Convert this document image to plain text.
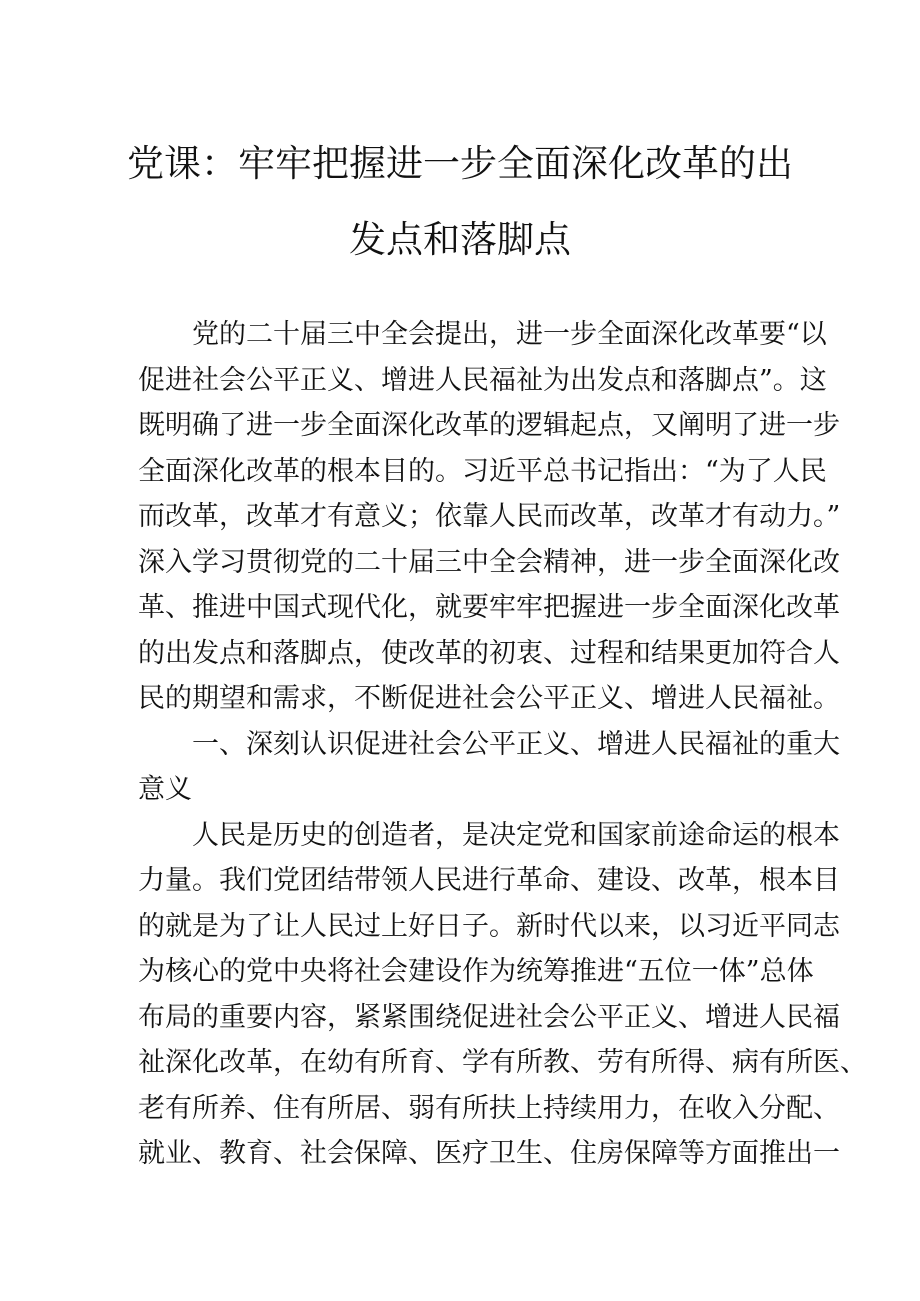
党课：牢牢把握进一步全面深化改革的出
发点和落脚点
党的二十届三中全会提出，进一步全面深化改革要“以
促进社会公平正义、增进人民福祉为出发点和落脚点”。这
既明确了进一步全面深化改革的逻辑起点，又阐明了进一步
全面深化改革的根本目的。习近平总书记指出：“为了人民
而改革，改革才有意义；依靠人民而改革，改革才有动力。”
深入学习贯彻党的二十届三中全会精神，进一步全面深化改
革、推进中国式现代化，就要牢牢把握进一步全面深化改革
的出发点和落脚点，使改革的初衷、过程和结果更加符合人
民的期望和需求，不断促进社会公平正义、增进人民福祉。
一、深刻认识促进社会公平正义、增进人民福祉的重大
意义
人民是历史的创造者，是决定党和国家前途命运的根本
力量。我们党团结带领人民进行革命、建设、改革，根本目
的就是为了让人民过上好日子。新时代以来，以习近平同志
为核心的党中央将社会建设作为统筹推进“五位一体”总体
布局的重要内容，紧紧围绕促进社会公平正义、增进人民福
祉深化改革，在幼有所育、学有所教、劳有所得、病有所医、
老有所养、住有所居、弱有所扶上持续用力，在收入分配、
就业、教育、社会保障、医疗卫生、住房保障等方面推出一
